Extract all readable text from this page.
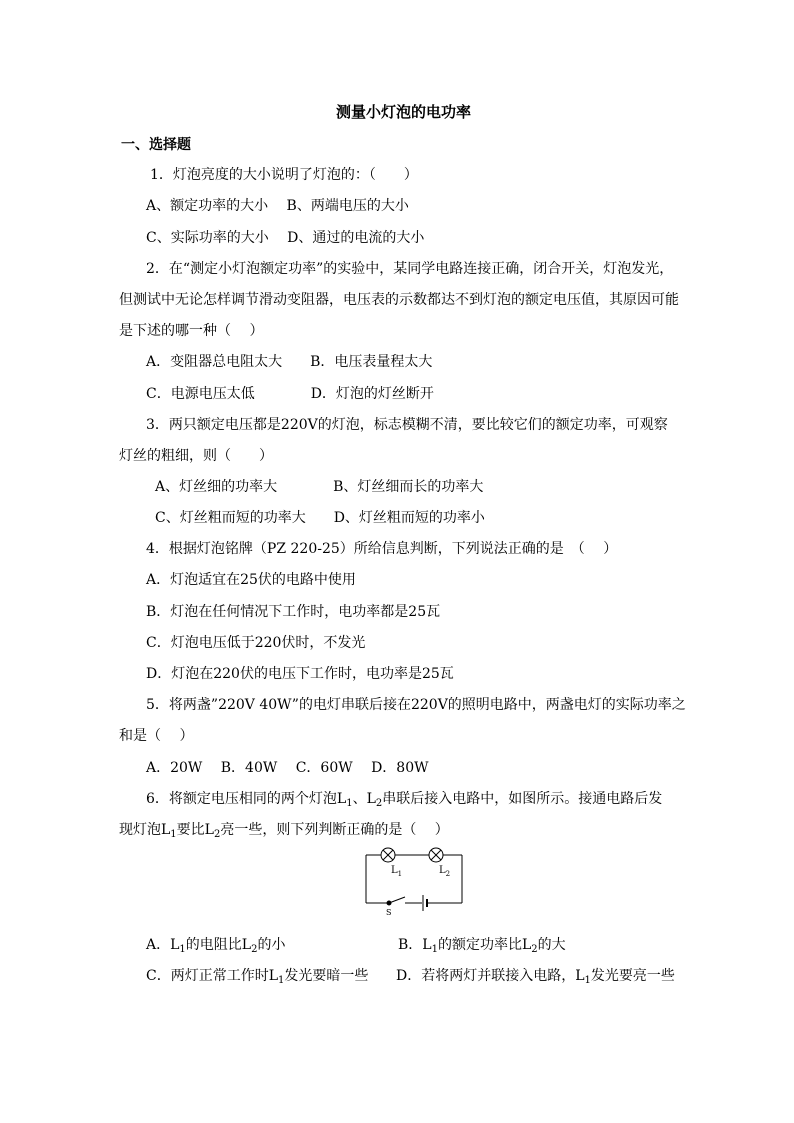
测量小灯泡的电功率
一、选择题
1．灯泡亮度的大小说明了灯泡的：（　　）
A、额定功率的大小　 B、两端电压的大小
C、实际功率的大小　 D、通过的电流的大小
2．在“测定小灯泡额定功率”的实验中，某同学电路连接正确，闭合开关，灯泡发光，
但测试中无论怎样调节滑动变阻器，电压表的示数都达不到灯泡的额定电压值，其原因可能
是下述的哪一种（　 ）
A．变阻器总电阻太大　　B．电压表量程太大
C．电源电压太低　　　　D．灯泡的灯丝断开
3．两只额定电压都是220V的灯泡，标志模糊不清，要比较它们的额定功率，可观察
灯丝的粗细，则（　　）
A、灯丝细的功率大　　　　B、灯丝细而长的功率大
C、灯丝粗而短的功率大　　D、灯丝粗而短的功率小
4．根据灯泡铭牌（PZ 220-25）所给信息判断，下列说法正确的是　（　 ）
A．灯泡适宜在25伏的电路中使用
B．灯泡在任何情况下工作时，电功率都是25瓦
C．灯泡电压低于220伏时，不发光
D．灯泡在220伏的电压下工作时，电功率是25瓦
5．将两盏”220V 40W”的电灯串联后接在220V的照明电路中，两盏电灯的实际功率之
和是（　 ）
A．20W　 B．40W　 C．60W　 D．80W
6．将额定电压相同的两个灯泡$L_1$、$L_2$串联后接入电路中，如图所示。接通电路后发
现灯泡$L_1$要比$L_2$亮一些，则下列判断正确的是（　 ）
$L_1$	$L_2$
S
A．$L_1$的电阻比$L_2$的小	B．$L_1$的额定功率比$L_2$的大
C．两灯正常工作时$L_1$发光要暗一些 D．若将两灯并联接入电路，$L_1$发光要亮一些
